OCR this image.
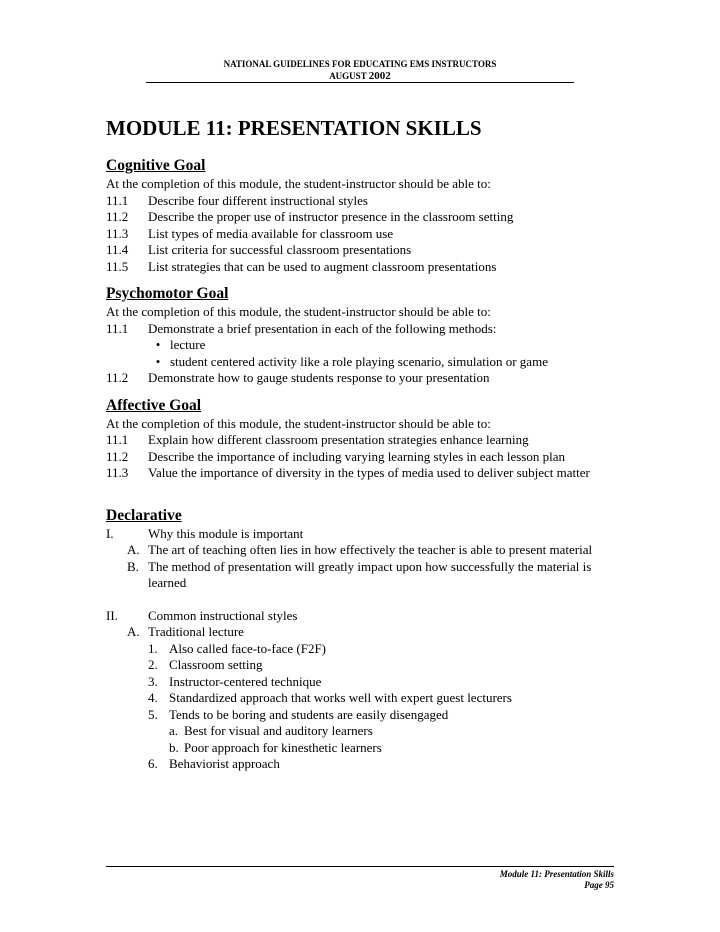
NATIONAL GUIDELINES FOR EDUCATING EMS INSTRUCTORS
AUGUST 2002
MODULE 11: PRESENTATION SKILLS
Cognitive Goal
At the completion of this module, the student-instructor should be able to:
11.1	Describe four different instructional styles
11.2	Describe the proper use of instructor presence in the classroom setting
11.3	List types of media available for classroom use
11.4	List criteria for successful classroom presentations
11.5	List strategies that can be used to augment classroom presentations
Psychomotor Goal
At the completion of this module, the student-instructor should be able to:
11.1	Demonstrate a brief presentation in each of the following methods:
• lecture
• student centered activity like a role playing scenario, simulation or game
11.2	Demonstrate how to gauge students response to your presentation
Affective Goal
At the completion of this module, the student-instructor should be able to:
11.1	Explain how different classroom presentation strategies enhance learning
11.2	Describe the importance of including varying learning styles in each lesson plan
11.3	Value the importance of diversity in the types of media used to deliver subject matter
Declarative
I.	Why this module is important
A. The art of teaching often lies in how effectively the teacher is able to present material
B. The method of presentation will greatly impact upon how successfully the material is learned
II.	Common instructional styles
A. Traditional lecture
1. Also called face-to-face (F2F)
2. Classroom setting
3. Instructor-centered technique
4. Standardized approach that works well with expert guest lecturers
5. Tends to be boring and students are easily disengaged
a. Best for visual and auditory learners
b. Poor approach for kinesthetic learners
6. Behaviorist approach
Module 11: Presentation Skills
Page 95
